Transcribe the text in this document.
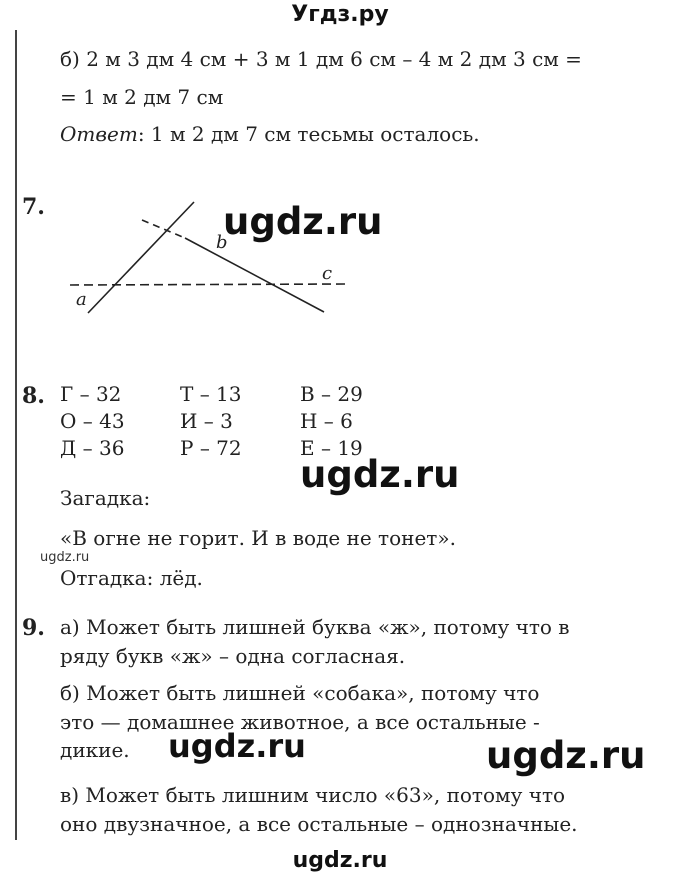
Угдз.ру
б) 2 м 3 дм 4 см + 3 м 1 дм 6 см – 4 м 2 дм 3 см =
= 1 м 2 дм 7 см
Ответ: 1 м 2 дм 7 см тесьмы осталось.
7.
b
c
a
ugdz.ru
8. Г – 32	Т – 13	В – 29
О – 43	И – 3	Н – 6
Д – 36	Р – 72	Е – 19
ugdz.ru
Загадка:
«В огне не горит. И в воде не тонет».
ugdz.ru
Отгадка: лёд.
9. а) Может быть лишней буква «ж», потому что в
ряду букв «ж» – одна согласная.
б) Может быть лишней «собака», потому что
это — домашнее животное, а все остальные -
дикие. ugdz.ru	ugdz.ru
в) Может быть лишним число «63», потому что
оно двузначное, а все остальные – однозначные.
ugdz.ru
